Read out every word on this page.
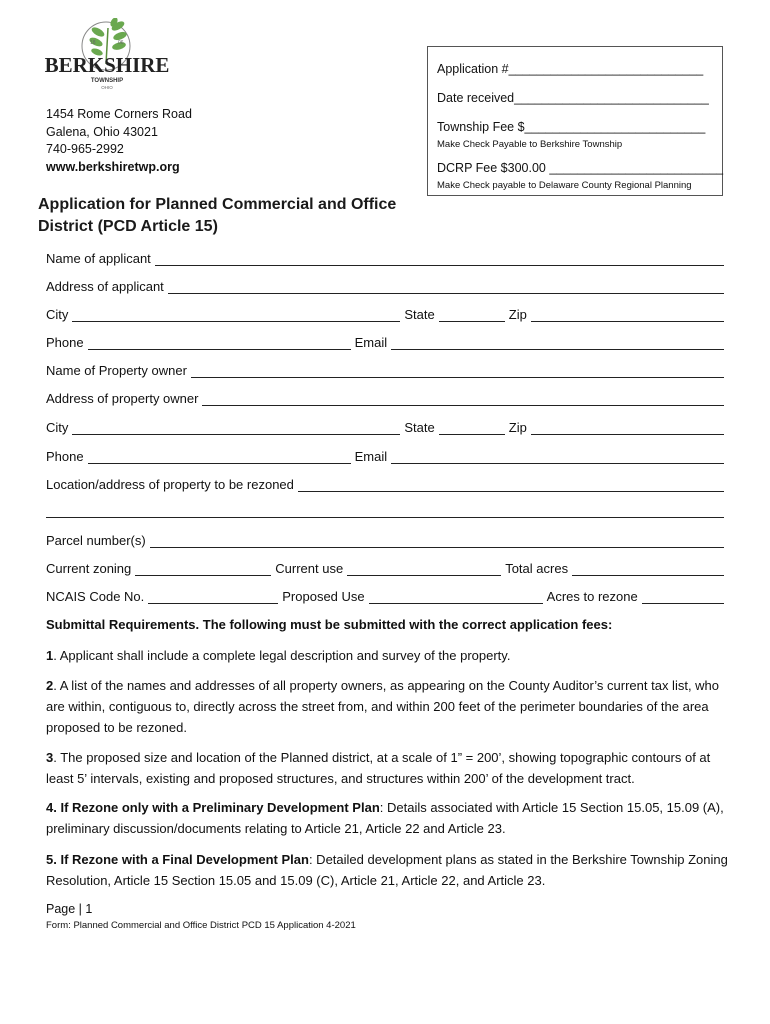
18	06
BERKSHIRE
TOWNSHIP
OHIO
1454 Rome Corners Road
Galena, Ohio 43021
740-965-2992
www.berkshiretwp.org
Application #____________________________
Date received____________________________
Township Fee $__________________________
Make Check Payable to Berkshire Township
DCRP Fee $300.00 _________________________
Make Check payable to Delaware County Regional Planning
Application for Planned Commercial and Office
District (PCD Article 15)
Name of applicant
Address of applicant
City	State	Zip
Phone	Email
Name of Property owner
Address of property owner
City	State	Zip
Phone	Email
Location/address of property to be rezoned
Parcel number(s)
Current zoning	Current use	Total acres
NCAIS Code No.	Proposed Use	Acres to rezone
Submittal Requirements. The following must be submitted with the correct application fees:
1. Applicant shall include a complete legal description and survey of the property.
2. A list of the names and addresses of all property owners, as appearing on the County Auditor’s current tax list, who are within, contiguous to, directly across the street from, and within 200 feet of the perimeter boundaries of the area proposed to be rezoned.
3. The proposed size and location of the Planned district, at a scale of 1” = 200’, showing topographic contours of at least 5’ intervals, existing and proposed structures, and structures within 200’ of the development tract.
4. If Rezone only with a Preliminary Development Plan: Details associated with Article 15 Section 15.05, 15.09 (A), preliminary discussion/documents relating to Article 21, Article 22 and Article 23.
5. If Rezone with a Final Development Plan: Detailed development plans as stated in the Berkshire Township Zoning Resolution, Article 15 Section 15.05 and 15.09 (C), Article 21, Article 22, and Article 23.
Page | 1
Form: Planned Commercial and Office District PCD 15 Application 4-2021
